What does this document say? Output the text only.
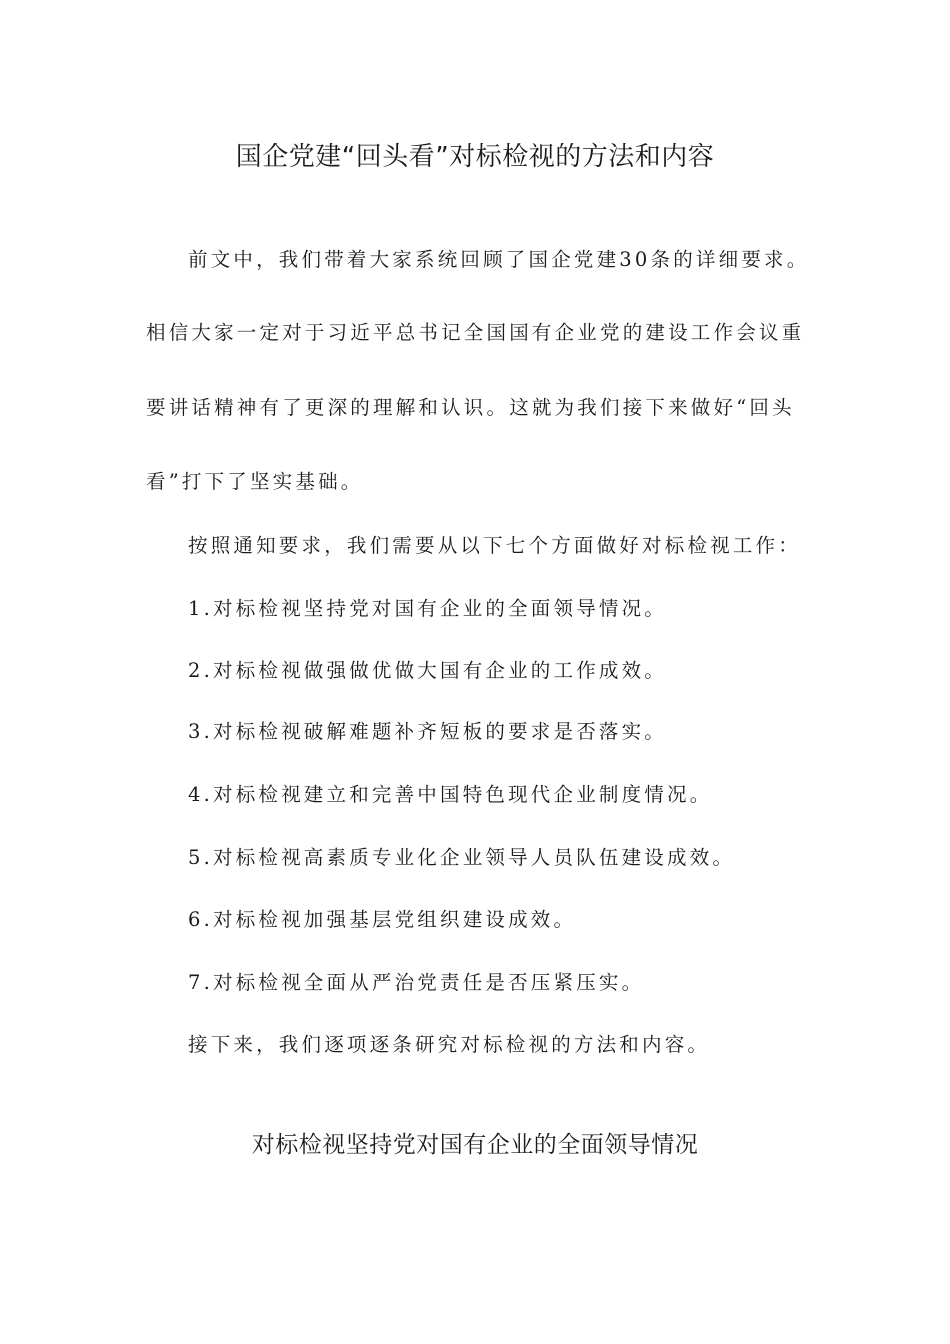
国企党建“回头看”对标检视的方法和内容
前文中，我们带着大家系统回顾了国企党建30条的详细要求。
相信大家一定对于习近平总书记全国国有企业党的建设工作会议重
要讲话精神有了更深的理解和认识。这就为我们接下来做好“回头
看”打下了坚实基础。
按照通知要求，我们需要从以下七个方面做好对标检视工作：
1.对标检视坚持党对国有企业的全面领导情况。
2.对标检视做强做优做大国有企业的工作成效。
3.对标检视破解难题补齐短板的要求是否落实。
4.对标检视建立和完善中国特色现代企业制度情况。
5.对标检视高素质专业化企业领导人员队伍建设成效。
6.对标检视加强基层党组织建设成效。
7.对标检视全面从严治党责任是否压紧压实。
接下来，我们逐项逐条研究对标检视的方法和内容。
对标检视坚持党对国有企业的全面领导情况
